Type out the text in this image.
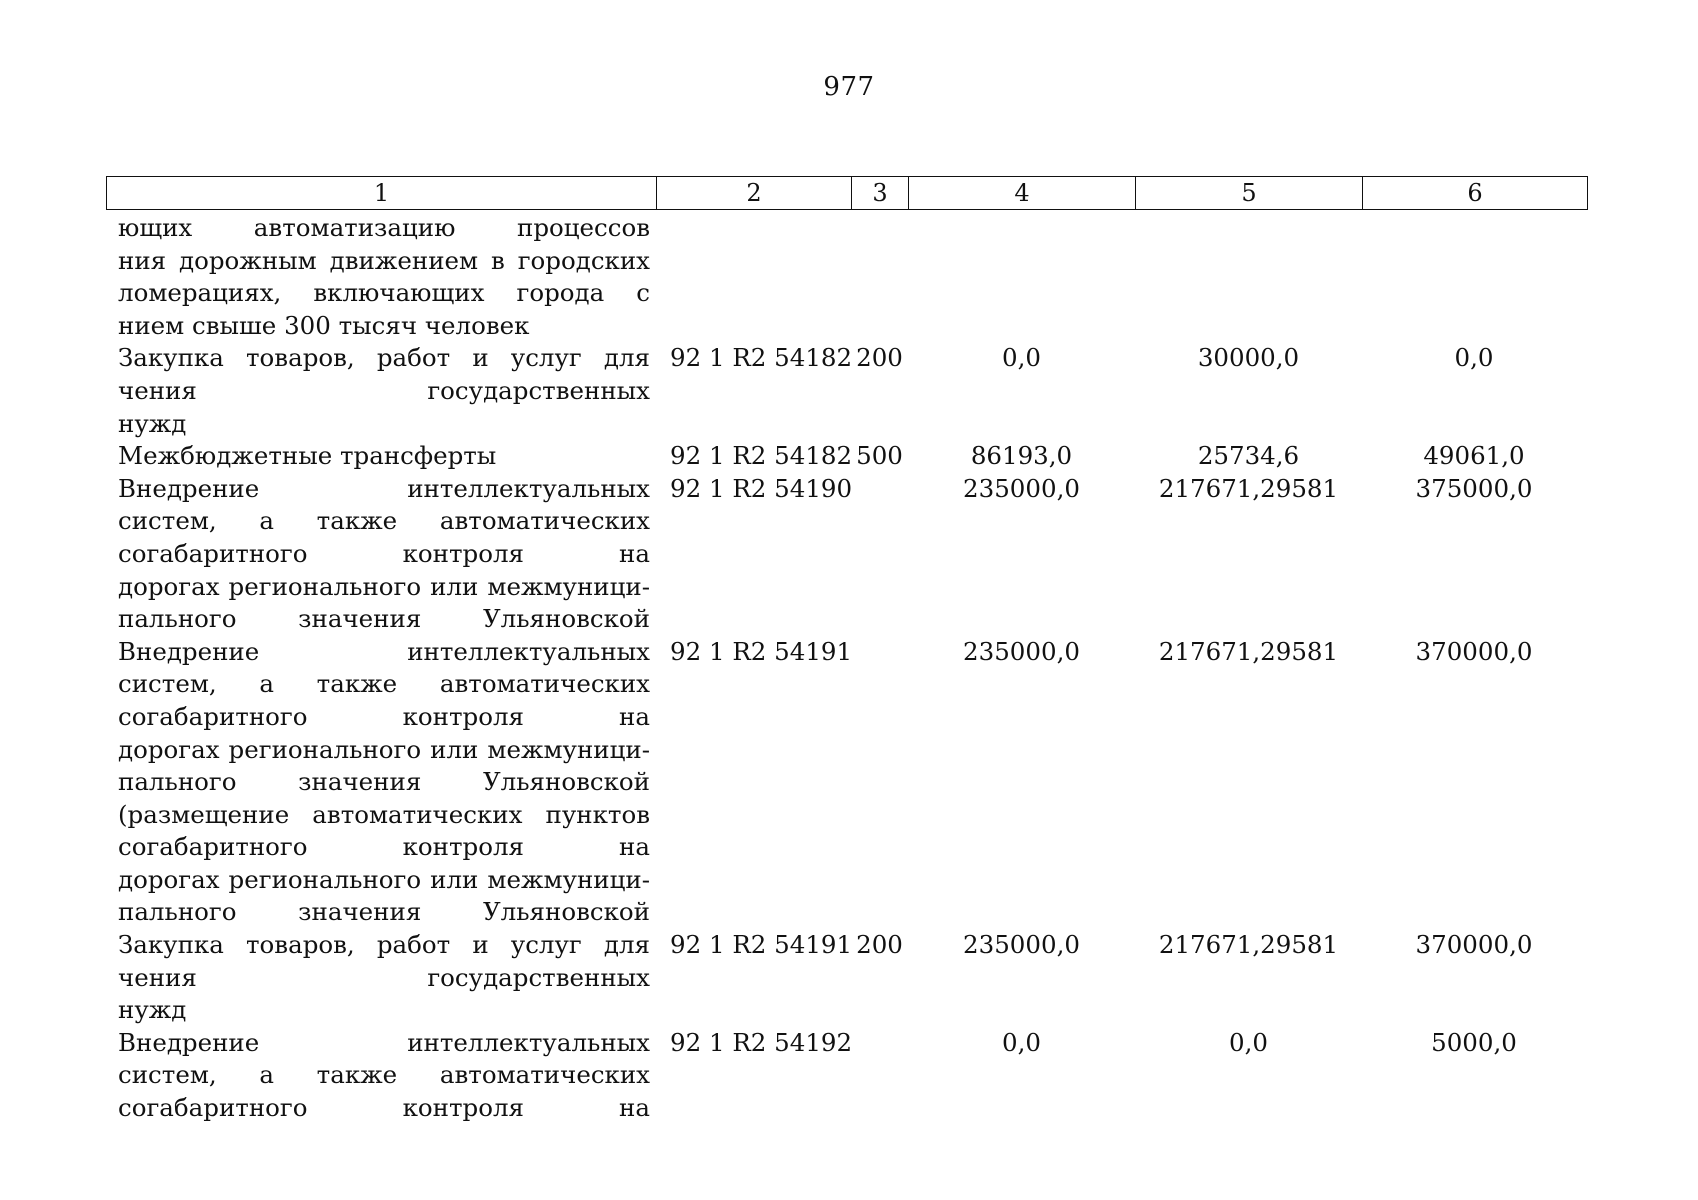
977
1	2	3	4	5	6
ющих автоматизацию процессов
ния дорожным движением в городских
ломерациях, включающих города с
нием свыше 300 тысяч человек
Закупка товаров, работ и услуг для
чения государственных
нужд
92 1 R2 54182 200	0,0	30000,0	0,0
Межбюджетные трансферты	92 1 R2 54182 500	86193,0	25734,6	49061,0
Внедрение интеллектуальных
систем, а также автоматических
согабаритного контроля на
дорогах регионального или межмуници-
пального значения Ульяновской
92 1 R2 54190	235000,0	217671,29581	375000,0
Внедрение интеллектуальных
систем, а также автоматических
согабаритного контроля на
дорогах регионального или межмуници-
пального значения Ульяновской
(размещение автоматических пунктов
согабаритного контроля на
дорогах регионального или межмуници-
пального значения Ульяновской
92 1 R2 54191	235000,0	217671,29581	370000,0
Закупка товаров, работ и услуг для
чения государственных
нужд
92 1 R2 54191 200	235000,0	217671,29581	370000,0
Внедрение интеллектуальных
систем, а также автоматических
согабаритного контроля на
92 1 R2 54192	0,0	0,0	5000,0
